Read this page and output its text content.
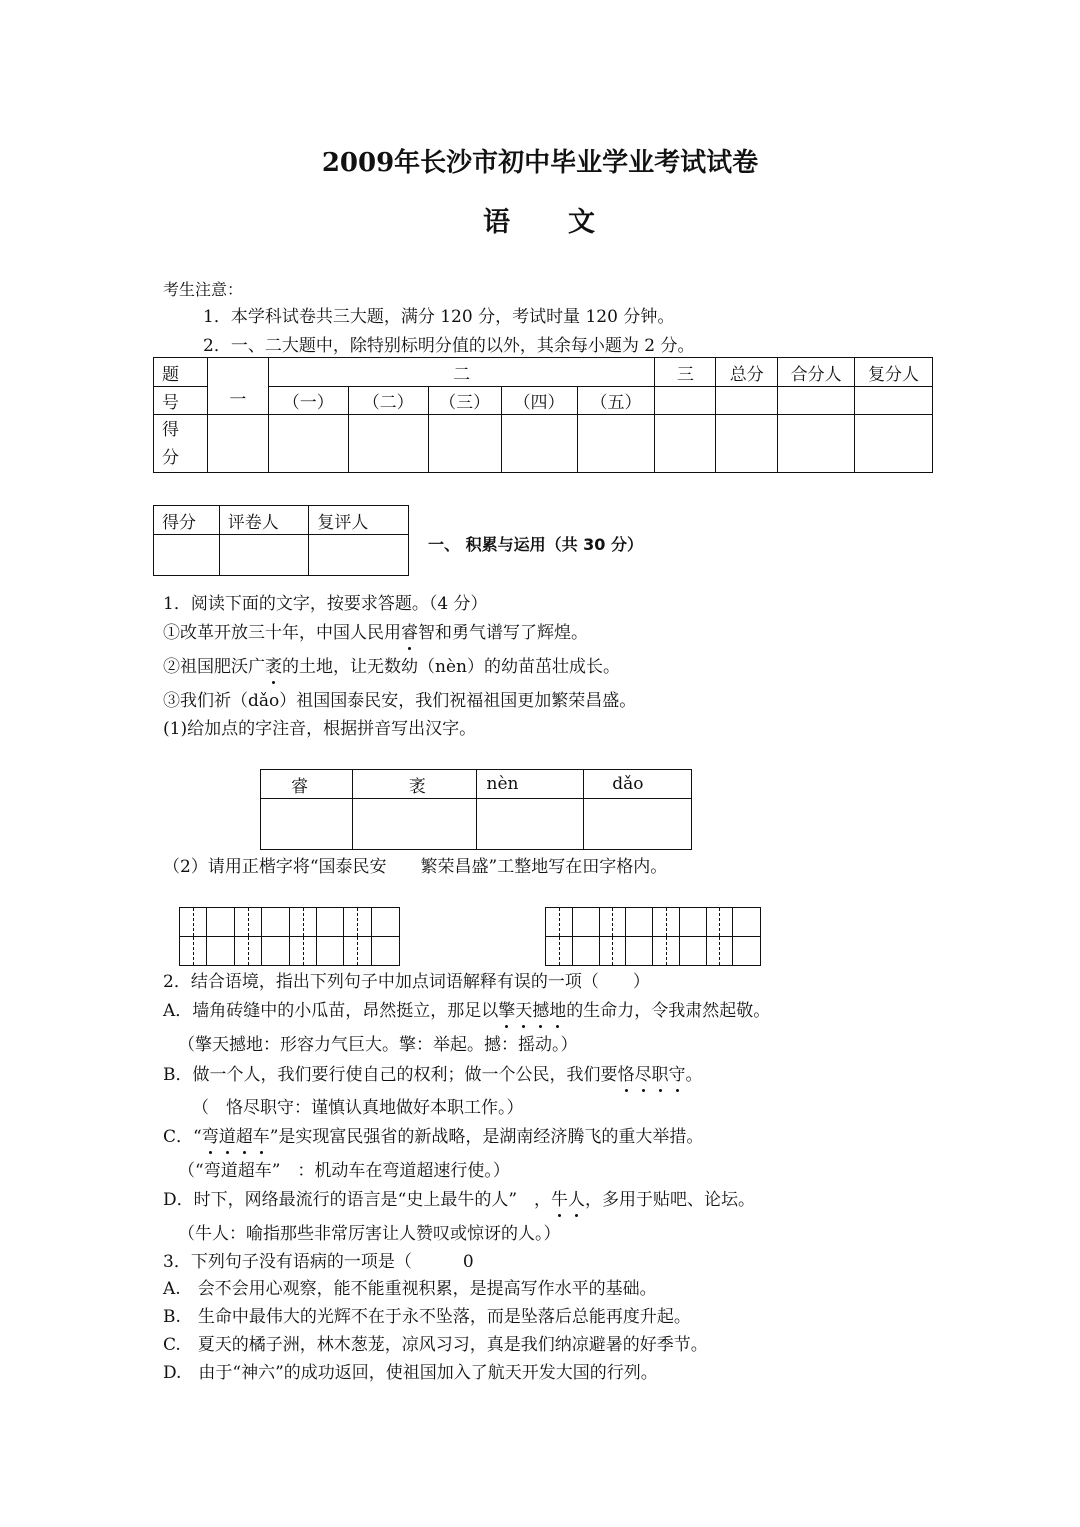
2009年长沙市初中毕业学业考试试卷
语 文
考生注意：
1．本学科试卷共三大题，满分 120 分，考试时量 120 分钟。
2．一、二大题中，除特别标明分值的以外，其余每小题为 2 分。
题	一	二					三	总分	合分人	复分人
号		（一）	（二）	（三）	（四）	（五）				
得
分										
得分	评卷人	复评人

一、 积累与运用（共 30 分）
1．阅读下面的文字，按要求答题。（4 分）
①改革开放三十年，中国人民用睿智和勇气谱写了辉煌。
②祖国肥沃广袤的土地，让无数幼（nèn）的幼苗茁壮成长。
③我们祈（dǎo）祖国国泰民安，我们祝福祖国更加繁荣昌盛。
(1)给加点的字注音，根据拼音写出汉字。
睿	袤	nèn	dǎo

（2）请用正楷字将“国泰民安　　繁荣昌盛”工整地写在田字格内。
2．结合语境，指出下列句子中加点词语解释有误的一项（　　）
A．墙角砖缝中的小瓜苗，昂然挺立，那足以擎天撼地的生命力，令我肃然起敬。
（擎天撼地：形容力气巨大。擎：举起。撼：摇动。）
B．做一个人，我们要行使自己的权利；做一个公民，我们要恪尽职守。
（　恪尽职守：谨慎认真地做好本职工作。）
C．“弯道超车”是实现富民强省的新战略，是湖南经济腾飞的重大举措。
（“弯道超车”　：机动车在弯道超速行使。）
D．时下，网络最流行的语言是“史上最牛的人”　，牛人，多用于贴吧、论坛。
（牛人：喻指那些非常厉害让人赞叹或惊讶的人。）
3．下列句子没有语病的一项是（　　　0
A.　会不会用心观察，能不能重视积累，是提高写作水平的基础。
B.　生命中最伟大的光辉不在于永不坠落，而是坠落后总能再度升起。
C.　夏天的橘子洲，林木葱茏，凉风习习，真是我们纳凉避暑的好季节。
D.　由于“神六”的成功返回，使祖国加入了航天开发大国的行列。
